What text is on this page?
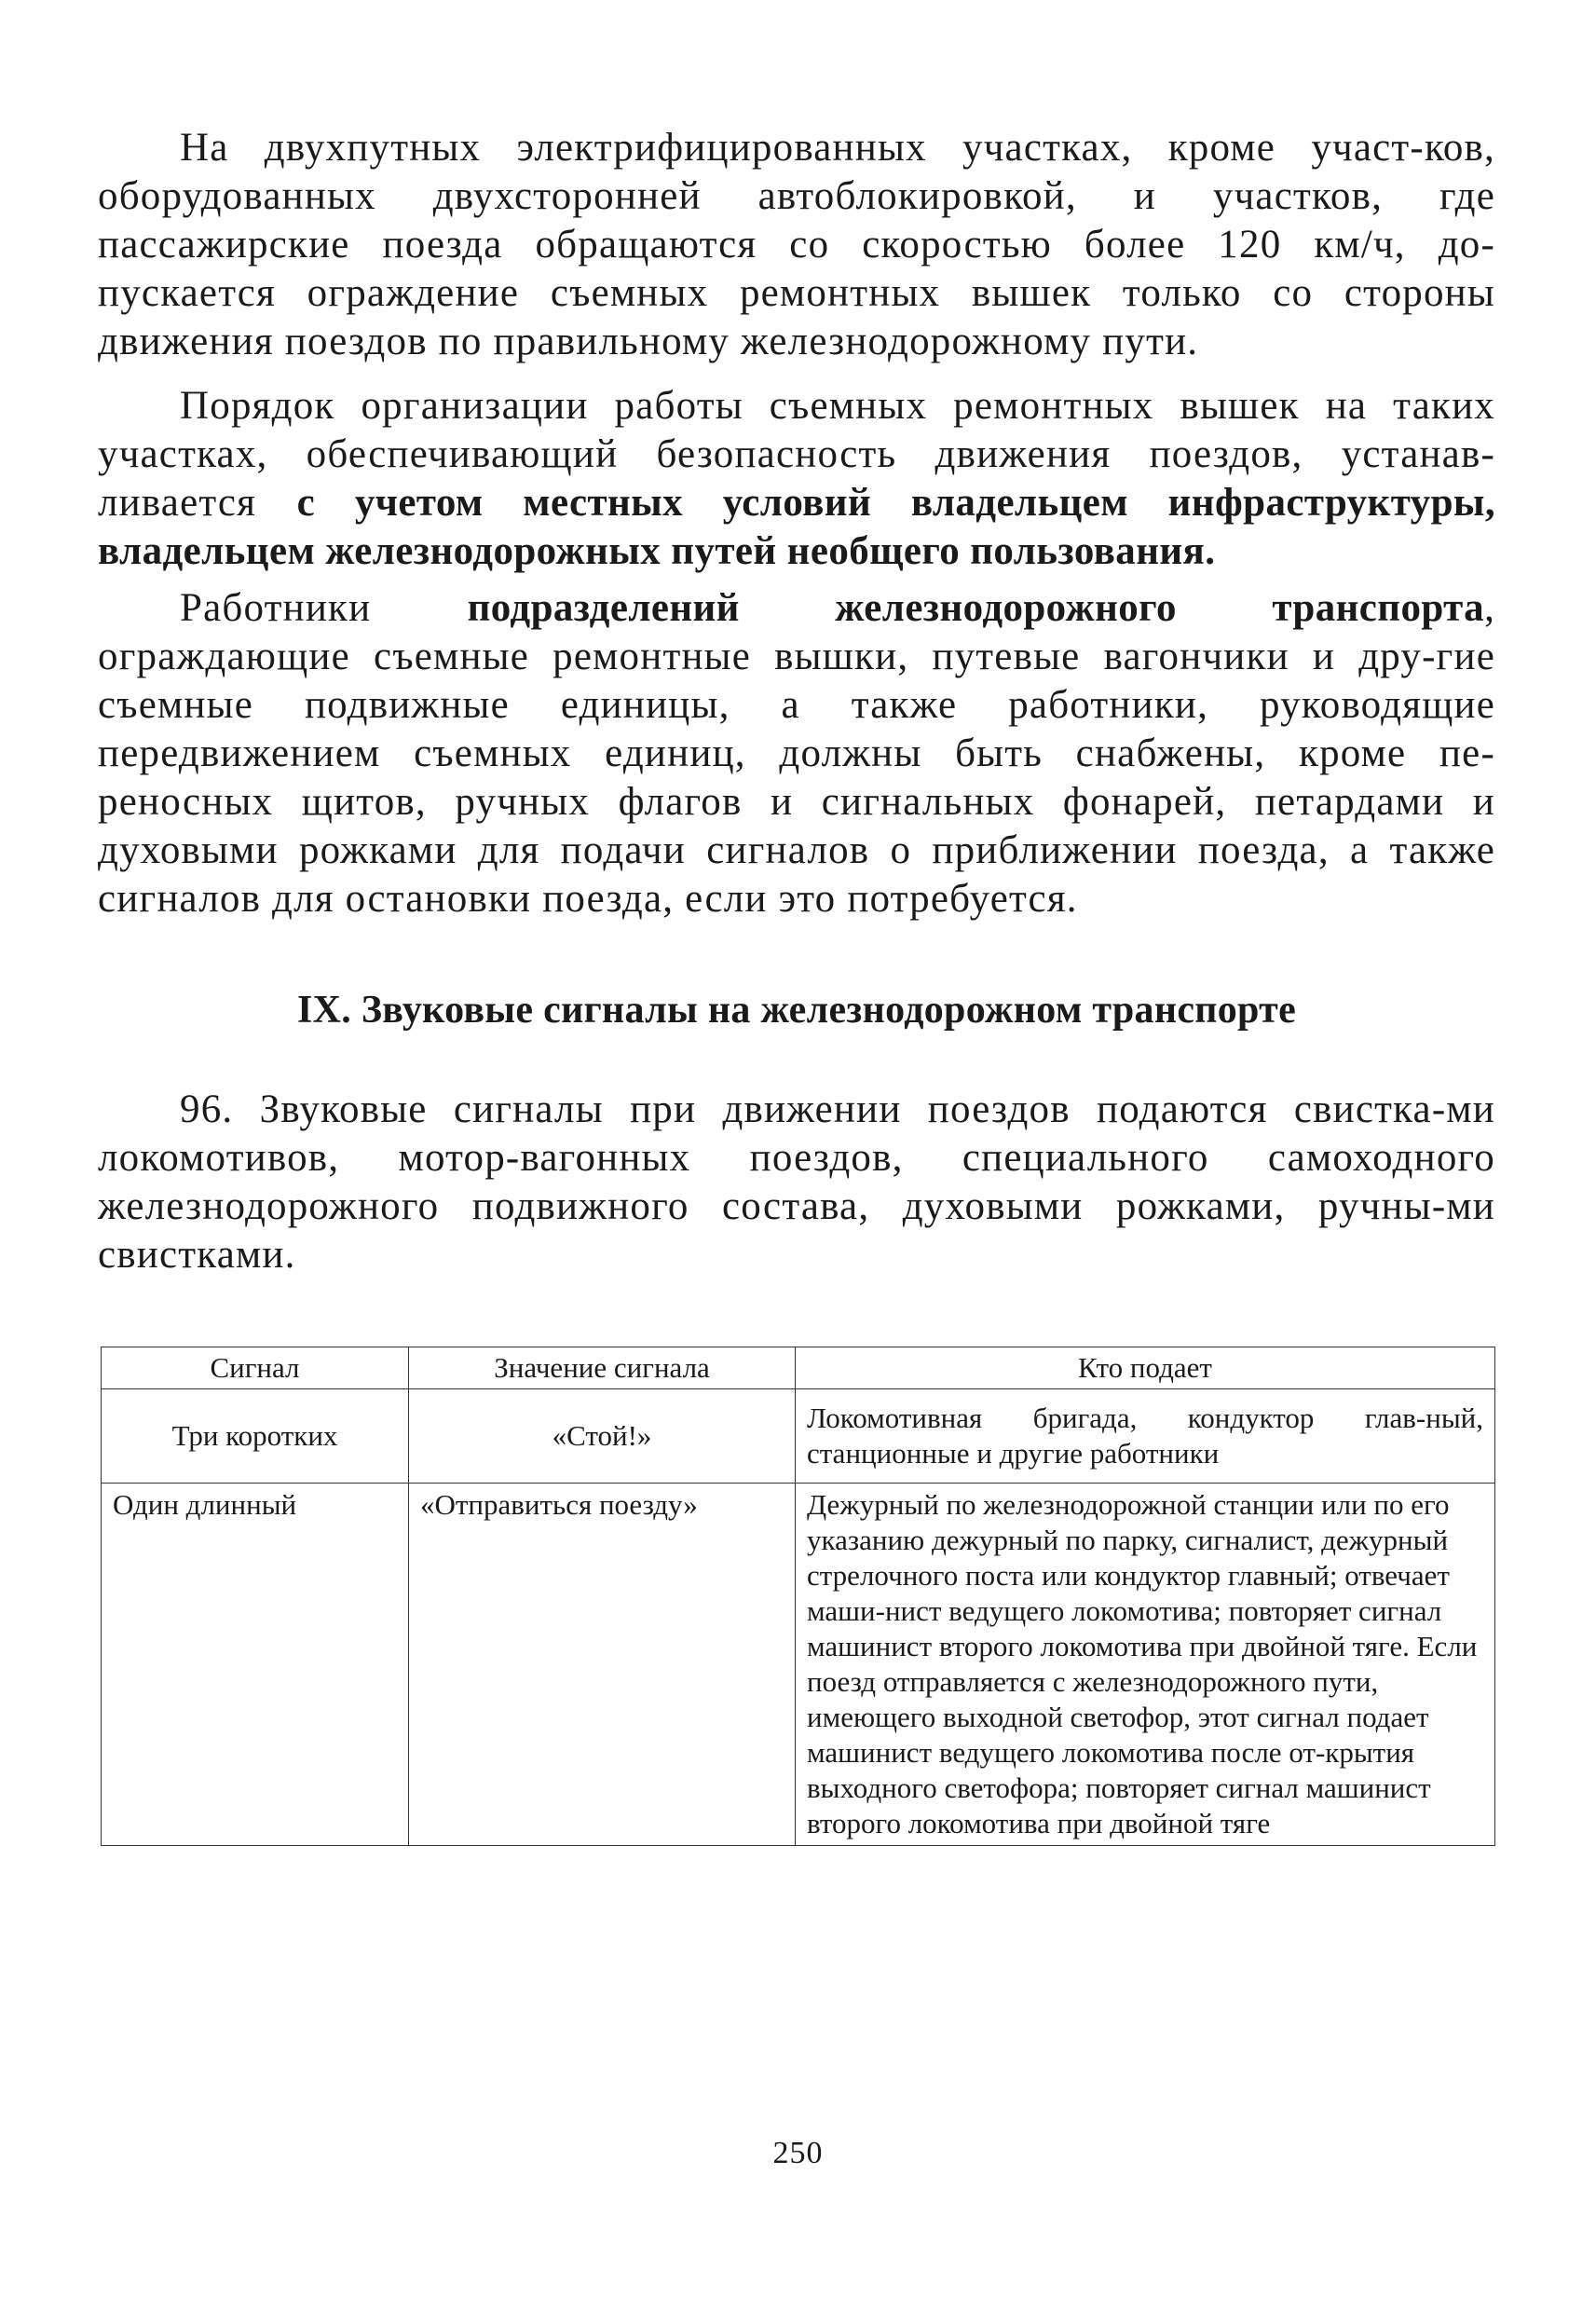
На двухпутных электрифицированных участках, кроме участ-ков, оборудованных двухсторонней автоблокировкой, и участков, где пассажирские поезда обращаются со скоростью более 120 км/ч, до-пускается ограждение съемных ремонтных вышек только со стороны движения поездов по правильному железнодорожному пути.

Порядок организации работы съемных ремонтных вышек на таких участках, обеспечивающий безопасность движения поездов, устанав-ливается с учетом местных условий владельцем инфраструктуры, владельцем железнодорожных путей необщего пользования.

Работники подразделений железнодорожного транспорта, ограждающие съемные ремонтные вышки, путевые вагончики и дру-гие съемные подвижные единицы, а также работники, руководящие передвижением съемных единиц, должны быть снабжены, кроме пе-реносных щитов, ручных флагов и сигнальных фонарей, петардами и духовыми рожками для подачи сигналов о приближении поезда, а также сигналов для остановки поезда, если это потребуется.

IX. Звуковые сигналы на железнодорожном транспорте

96. Звуковые сигналы при движении поездов подаются свистка-ми локомотивов, мотор-вагонных поездов, специального самоходного железнодорожного подвижного состава, духовыми рожками, ручны-ми свистками.

Сигнал	Значение сигнала	Кто подает
Три коротких	«Стой!»	Локомотивная бригада, кондуктор глав-ный, станционные и другие работники
Один длинный	«Отправиться поезду»	Дежурный по железнодорожной станции или по его указанию дежурный по парку, сигналист, дежурный стрелочного поста или кондуктор главный; отвечает маши-нист ведущего локомотива; повторяет сигнал машинист второго локомотива при двойной тяге. Если поезд отправляется с железнодорожного пути, имеющего выходной светофор, этот сигнал подает машинист ведущего локомотива после от-крытия выходного светофора; повторяет сигнал машинист второго локомотива при двойной тяге
250
